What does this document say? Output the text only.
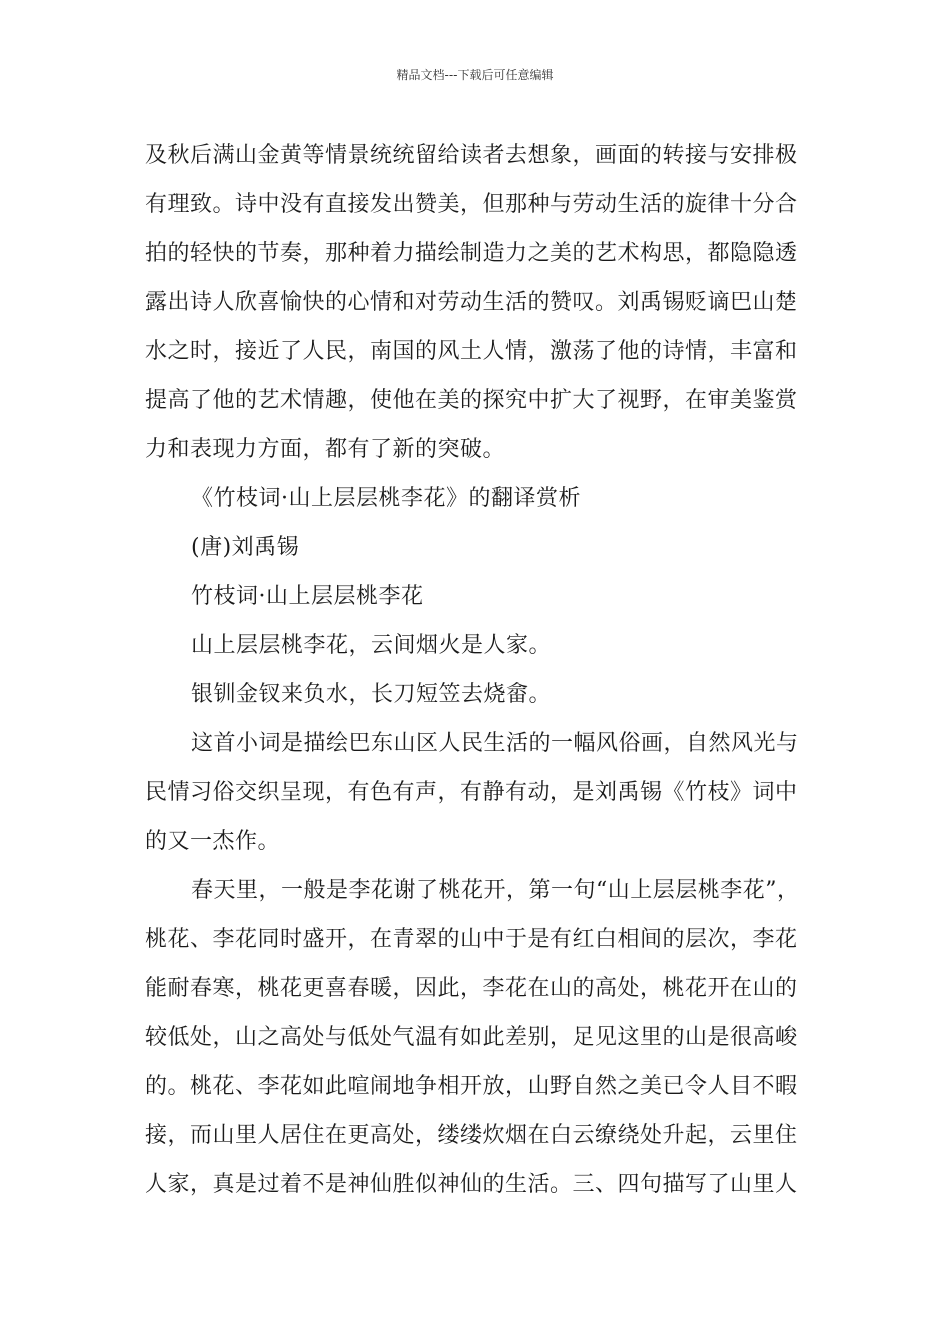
精品文档---下载后可任意编辑
及秋后满山金黄等情景统统留给读者去想象，画面的转接与安排极
有理致。诗中没有直接发出赞美，但那种与劳动生活的旋律十分合
拍的轻快的节奏，那种着力描绘制造力之美的艺术构思，都隐隐透
露出诗人欣喜愉快的心情和对劳动生活的赞叹。刘禹锡贬谪巴山楚
水之时，接近了人民，南国的风土人情，激荡了他的诗情，丰富和
提高了他的艺术情趣，使他在美的探究中扩大了视野，在审美鉴赏
力和表现力方面，都有了新的突破。
《竹枝词·山上层层桃李花》的翻译赏析
(唐)刘禹锡
竹枝词·山上层层桃李花
山上层层桃李花，云间烟火是人家。
银钏金钗来负水，长刀短笠去烧畲。
这首小词是描绘巴东山区人民生活的一幅风俗画，自然风光与
民情习俗交织呈现，有色有声，有静有动，是刘禹锡《竹枝》词中
的又一杰作。
春天里，一般是李花谢了桃花开，第一句“山上层层桃李花”，
桃花、李花同时盛开，在青翠的山中于是有红白相间的层次，李花
能耐春寒，桃花更喜春暖，因此，李花在山的高处，桃花开在山的
较低处，山之高处与低处气温有如此差别，足见这里的山是很高峻
的。桃花、李花如此喧闹地争相开放，山野自然之美已令人目不暇
接，而山里人居住在更高处，缕缕炊烟在白云缭绕处升起，云里住
人家，真是过着不是神仙胜似神仙的生活。三、四句描写了山里人
